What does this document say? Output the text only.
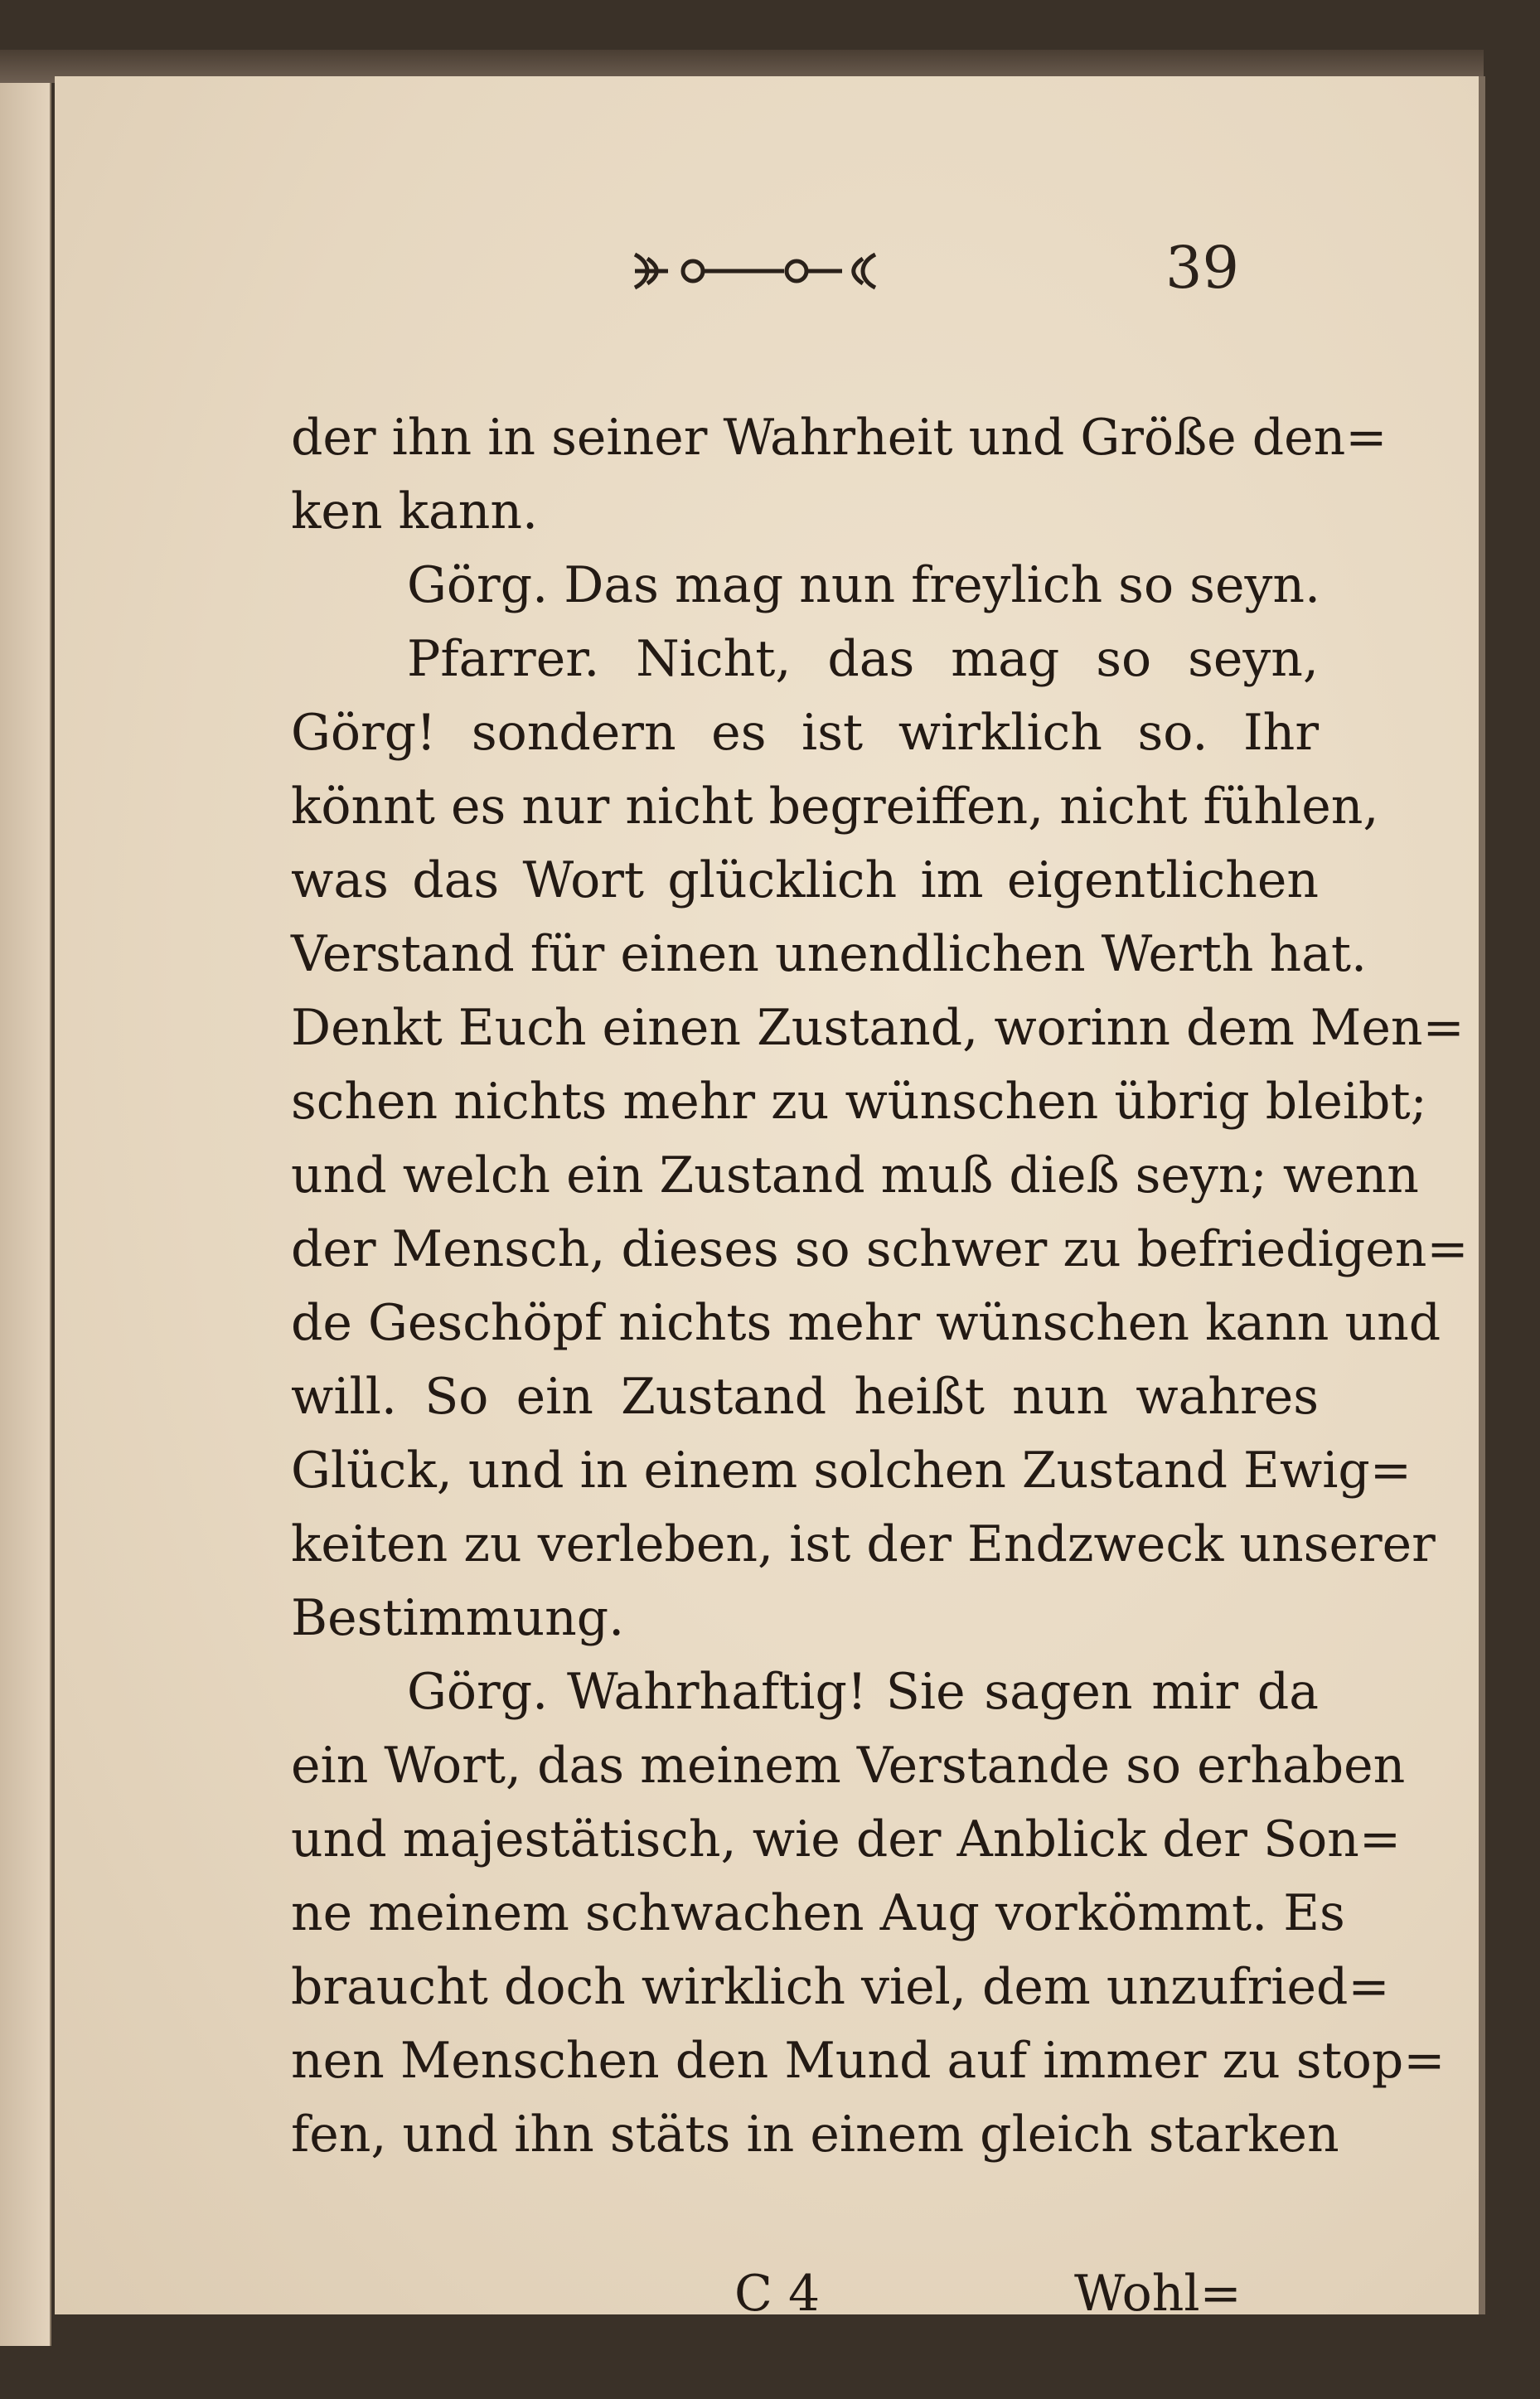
39
der ihn in seiner Wahrheit und Größe den=
ken kann.
Görg. Das mag nun freylich so seyn.
Pfarrer. Nicht, das mag so seyn,
Görg! sondern es ist wirklich so. Ihr
könnt es nur nicht begreiffen, nicht fühlen,
was das Wort glücklich im eigentlichen
Verstand für einen unendlichen Werth hat.
Denkt Euch einen Zustand, worinn dem Men=
schen nichts mehr zu wünschen übrig bleibt;
und welch ein Zustand muß dieß seyn; wenn
der Mensch, dieses so schwer zu befriedigen=
de Geschöpf nichts mehr wünschen kann und
will. So ein Zustand heißt nun wahres
Glück, und in einem solchen Zustand Ewig=
keiten zu verleben, ist der Endzweck unserer
Bestimmung.
Görg. Wahrhaftig! Sie sagen mir da
ein Wort, das meinem Verstande so erhaben
und majestätisch, wie der Anblick der Son=
ne meinem schwachen Aug vorkömmt. Es
braucht doch wirklich viel, dem unzufried=
nen Menschen den Mund auf immer zu stop=
fen, und ihn stäts in einem gleich starken
C 4	Wohl=
